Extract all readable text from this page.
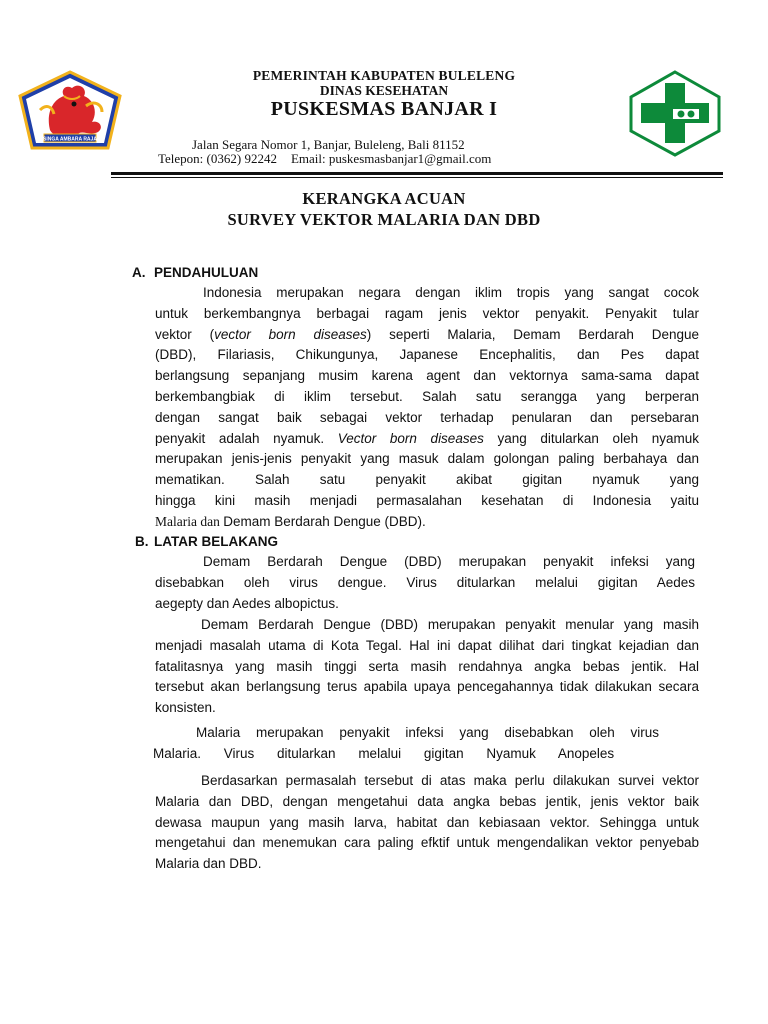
SINGA AMBARA RAJA
PEMERINTAH KABUPATEN BULELENG
DINAS KESEHATAN
PUSKESMAS BANJAR I
Jalan Segara Nomor 1, Banjar, Buleleng, Bali 81152
Telepon: (0362) 92242 Email: puskesmasbanjar1@gmail.com
KERANGKA ACUAN
SURVEY VEKTOR MALARIA DAN DBD
A. PENDAHULUAN
Indonesia merupakan negara dengan iklim tropis yang sangat cocok
untuk berkembangnya berbagai ragam jenis vektor penyakit. Penyakit tular
vektor (vector born diseases) seperti Malaria, Demam Berdarah Dengue
(DBD), Filariasis, Chikungunya, Japanese Encephalitis, dan Pes dapat
berlangsung sepanjang musim karena agent dan vektornya sama-sama dapat
berkembangbiak di iklim tersebut. Salah satu serangga yang berperan
dengan sangat baik sebagai vektor terhadap penularan dan persebaran
penyakit adalah nyamuk. Vector born diseases yang ditularkan oleh nyamuk
merupakan jenis-jenis penyakit yang masuk dalam golongan paling berbahaya dan
mematikan. Salah satu penyakit akibat gigitan nyamuk yang
hingga kini masih menjadi permasalahan kesehatan di Indonesia yaitu
Malaria dan Demam Berdarah Dengue (DBD).
B. LATAR BELAKANG
Demam Berdarah Dengue (DBD) merupakan penyakit infeksi yang
disebabkan oleh virus dengue. Virus ditularkan melalui gigitan Aedes
aegepty dan Aedes albopictus.
Demam Berdarah Dengue (DBD) merupakan penyakit menular yang masih
menjadi masalah utama di Kota Tegal. Hal ini dapat dilihat dari tingkat kejadian dan
fatalitasnya yang masih tinggi serta masih rendahnya angka bebas jentik. Hal
tersebut akan berlangsung terus apabila upaya pencegahannya tidak dilakukan secara
konsisten.
Malaria merupakan penyakit infeksi yang disebabkan oleh virus
Malaria. Virus ditularkan melalui gigitan Nyamuk Anopeles
Berdasarkan permasalah tersebut di atas maka perlu dilakukan survei vektor
Malaria dan DBD, dengan mengetahui data angka bebas jentik, jenis vektor baik
dewasa maupun yang masih larva, habitat dan kebiasaan vektor. Sehingga untuk
mengetahui dan menemukan cara paling efktif untuk mengendalikan vektor penyebab
Malaria dan DBD.
